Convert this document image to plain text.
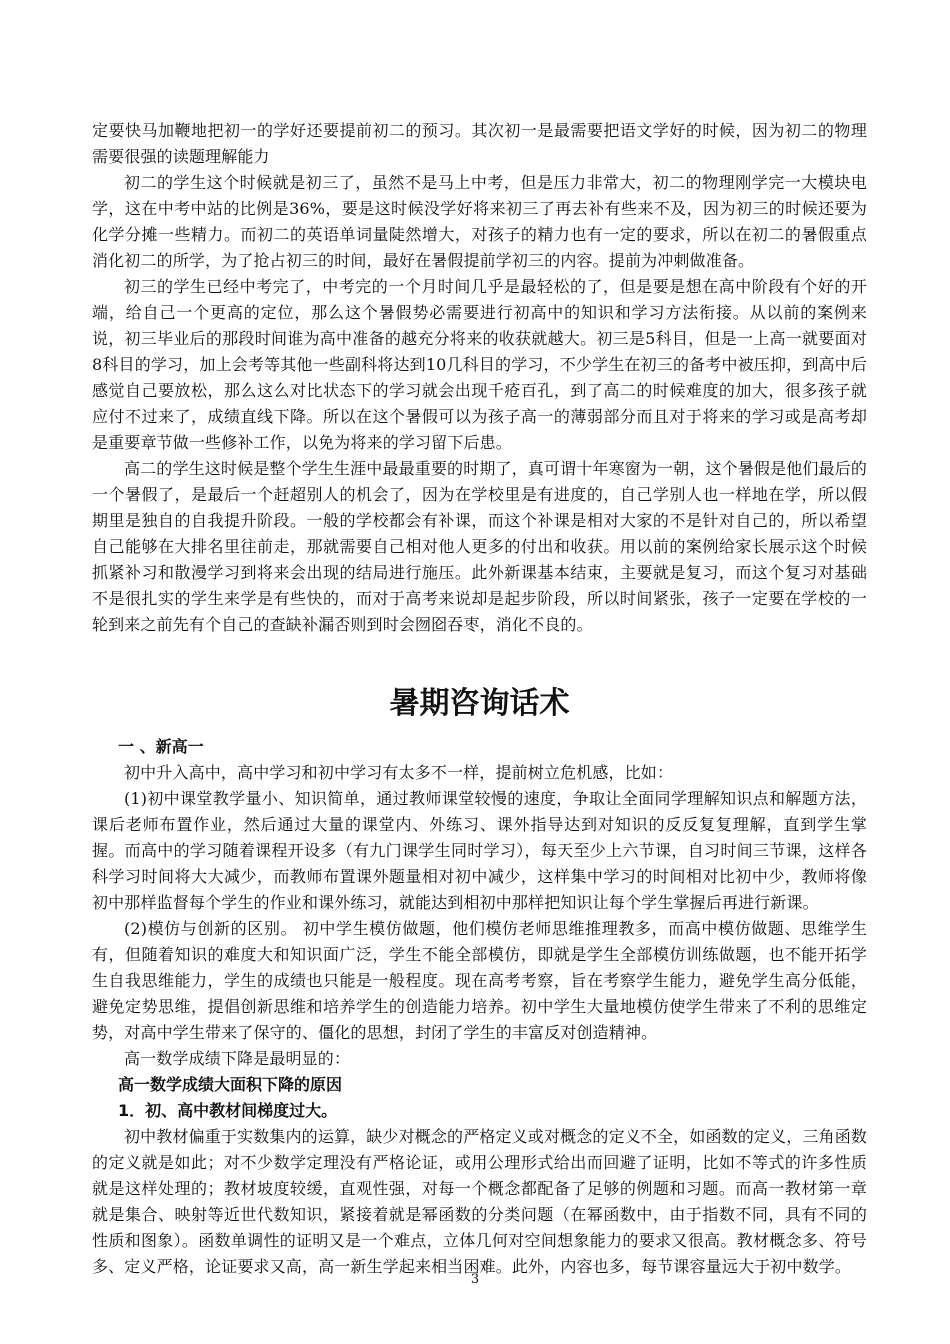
定要快马加鞭地把初一的学好还要提前初二的预习。其次初一是最需要把语文学好的时候，因为初二的物理需要很强的读题理解能力

初二的学生这个时候就是初三了，虽然不是马上中考，但是压力非常大，初二的物理刚学完一大模块电学，这在中考中站的比例是36%，要是这时候没学好将来初三了再去补有些来不及，因为初三的时候还要为化学分摊一些精力。而初二的英语单词量陡然增大，对孩子的精力也有一定的要求，所以在初二的暑假重点消化初二的所学，为了抢占初三的时间，最好在暑假提前学初三的内容。提前为冲刺做准备。

初三的学生已经中考完了，中考完的一个月时间几乎是最轻松的了，但是要是想在高中阶段有个好的开端，给自己一个更高的定位，那么这个暑假势必需要进行初高中的知识和学习方法衔接。从以前的案例来说，初三毕业后的那段时间谁为高中准备的越充分将来的收获就越大。初三是5科目，但是一上高一就要面对8科目的学习，加上会考等其他一些副科将达到10几科目的学习，不少学生在初三的备考中被压抑，到高中后感觉自己要放松，那么这么对比状态下的学习就会出现千疮百孔，到了高二的时候难度的加大，很多孩子就应付不过来了，成绩直线下降。所以在这个暑假可以为孩子高一的薄弱部分而且对于将来的学习或是高考却是重要章节做一些修补工作，以免为将来的学习留下后患。

高二的学生这时候是整个学生生涯中最最重要的时期了，真可谓十年寒窗为一朝，这个暑假是他们最后的一个暑假了，是最后一个赶超别人的机会了，因为在学校里是有进度的，自己学别人也一样地在学，所以假期里是独自的自我提升阶段。一般的学校都会有补课，而这个补课是相对大家的不是针对自己的，所以希望自己能够在大排名里往前走，那就需要自己相对他人更多的付出和收获。用以前的案例给家长展示这个时候抓紧补习和散漫学习到将来会出现的结局进行施压。此外新课基本结束，主要就是复习，而这个复习对基础不是很扎实的学生来学是有些快的，而对于高考来说却是起步阶段，所以时间紧张，孩子一定要在学校的一轮到来之前先有个自己的查缺补漏否则到时会囫囵吞枣，消化不良的。

暑期咨询话术

一 、新高一

初中升入高中，高中学习和初中学习有太多不一样，提前树立危机感，比如：

(1)初中课堂教学量小、知识简单，通过教师课堂较慢的速度，争取让全面同学理解知识点和解题方法，课后老师布置作业，然后通过大量的课堂内、外练习、课外指导达到对知识的反反复复理解，直到学生掌握。而高中的学习随着课程开设多（有九门课学生同时学习），每天至少上六节课，自习时间三节课，这样各科学习时间将大大减少，而教师布置课外题量相对初中减少，这样集中学习的时间相对比初中少，教师将像初中那样监督每个学生的作业和课外练习，就能达到相初中那样把知识让每个学生掌握后再进行新课。

(2)模仿与创新的区别。 初中学生模仿做题，他们模仿老师思维推理教多，而高中模仿做题、思维学生有，但随着知识的难度大和知识面广泛，学生不能全部模仿，即就是学生全部模仿训练做题，也不能开拓学生自我思维能力，学生的成绩也只能是一般程度。现在高考考察，旨在考察学生能力，避免学生高分低能，避免定势思维，提倡创新思维和培养学生的创造能力培养。初中学生大量地模仿使学生带来了不利的思维定势，对高中学生带来了保守的、僵化的思想，封闭了学生的丰富反对创造精神。

高一数学成绩下降是最明显的：

高一数学成绩大面积下降的原因

1．初、高中教材间梯度过大。

初中教材偏重于实数集内的运算，缺少对概念的严格定义或对概念的定义不全，如函数的定义，三角函数的定义就是如此；对不少数学定理没有严格论证，或用公理形式给出而回避了证明，比如不等式的许多性质就是这样处理的；教材坡度较缓，直观性强，对每一个概念都配备了足够的例题和习题。而高一教材第一章就是集合、映射等近世代数知识，紧接着就是幂函数的分类问题（在幂函数中，由于指数不同，具有不同的性质和图象）。函数单调性的证明又是一个难点，立体几何对空间想象能力的要求又很高。教材概念多、符号多、定义严格，论证要求又高，高一新生学起来相当困难。此外，内容也多，每节课容量远大于初中数学。

3
